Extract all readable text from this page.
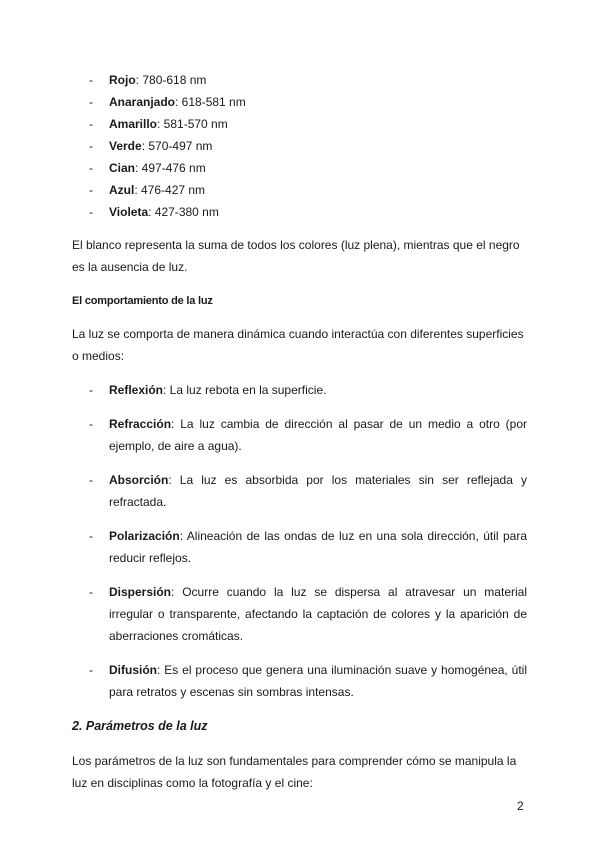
- Rojo: 780-618 nm
- Anaranjado: 618-581 nm
- Amarillo: 581-570 nm
- Verde: 570-497 nm
- Cian: 497-476 nm
- Azul: 476-427 nm
- Violeta: 427-380 nm

El blanco representa la suma de todos los colores (luz plena), mientras que el negro es la ausencia de luz.

El comportamiento de la luz

La luz se comporta de manera dinámica cuando interactúa con diferentes superficies o medios:

- Reflexión: La luz rebota en la superficie.
- Refracción: La luz cambia de dirección al pasar de un medio a otro (por ejemplo, de aire a agua).
- Absorción: La luz es absorbida por los materiales sin ser reflejada y refractada.
- Polarización: Alineación de las ondas de luz en una sola dirección, útil para reducir reflejos.
- Dispersión: Ocurre cuando la luz se dispersa al atravesar un material irregular o transparente, afectando la captación de colores y la aparición de aberraciones cromáticas.
- Difusión: Es el proceso que genera una iluminación suave y homogénea, útil para retratos y escenas sin sombras intensas.

2. Parámetros de la luz

Los parámetros de la luz son fundamentales para comprender cómo se manipula la luz en disciplinas como la fotografía y el cine:

2
